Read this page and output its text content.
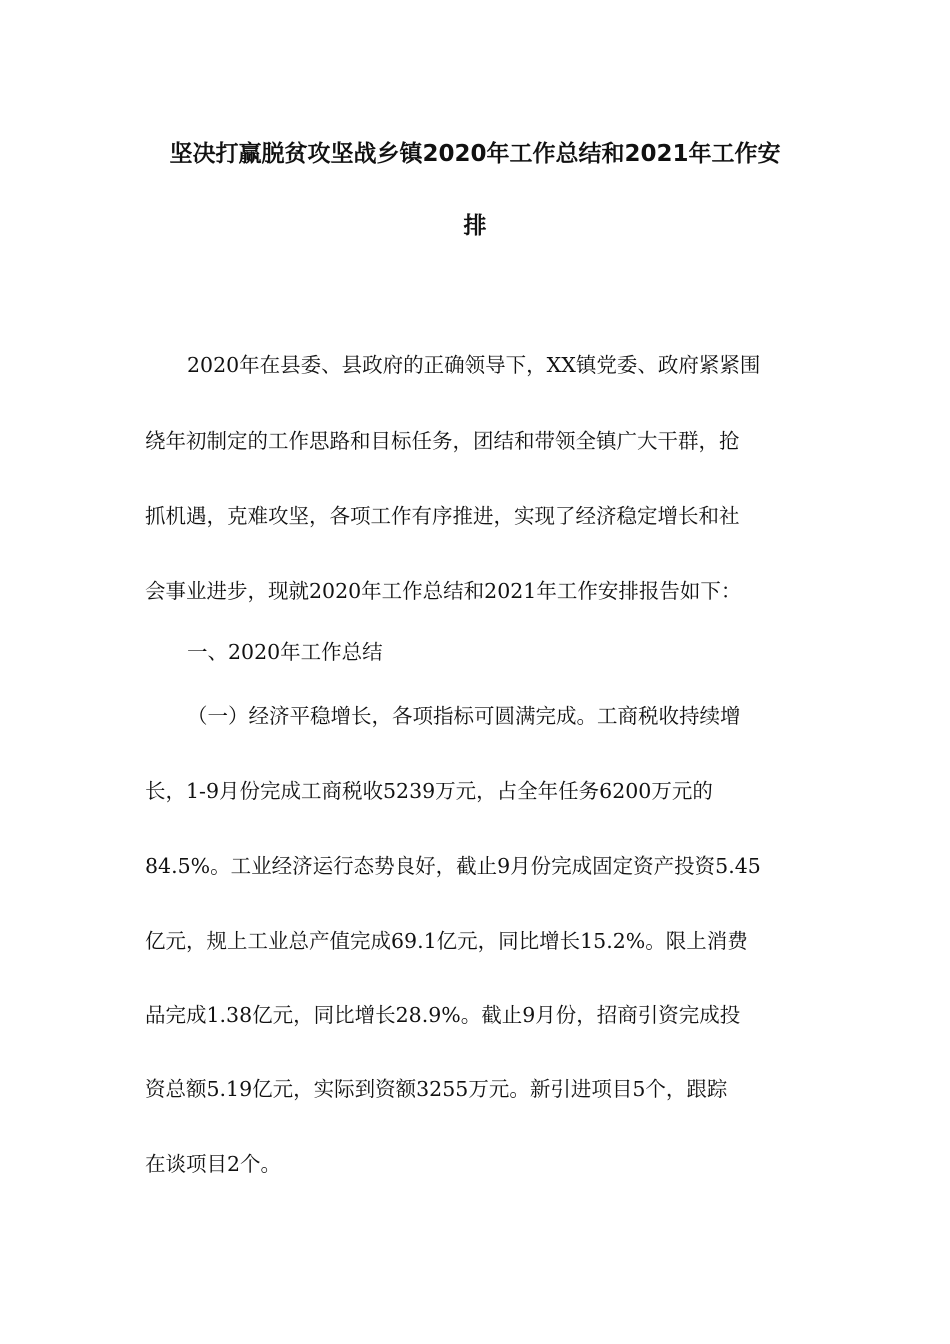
坚决打赢脱贫攻坚战乡镇2020年工作总结和2021年工作安
排
2020年在县委、县政府的正确领导下，XX镇党委、政府紧紧围
绕年初制定的工作思路和目标任务，团结和带领全镇广大干群，抢
抓机遇，克难攻坚，各项工作有序推进，实现了经济稳定增长和社
会事业进步，现就2020年工作总结和2021年工作安排报告如下：
一、2020年工作总结
（一）经济平稳增长，各项指标可圆满完成。工商税收持续增
长，1-9月份完成工商税收5239万元，占全年任务6200万元的
84.5%。工业经济运行态势良好，截止9月份完成固定资产投资5.45
亿元，规上工业总产值完成69.1亿元，同比增长15.2%。限上消费
品完成1.38亿元，同比增长28.9%。截止9月份，招商引资完成投
资总额5.19亿元，实际到资额3255万元。新引进项目5个，跟踪
在谈项目2个。
